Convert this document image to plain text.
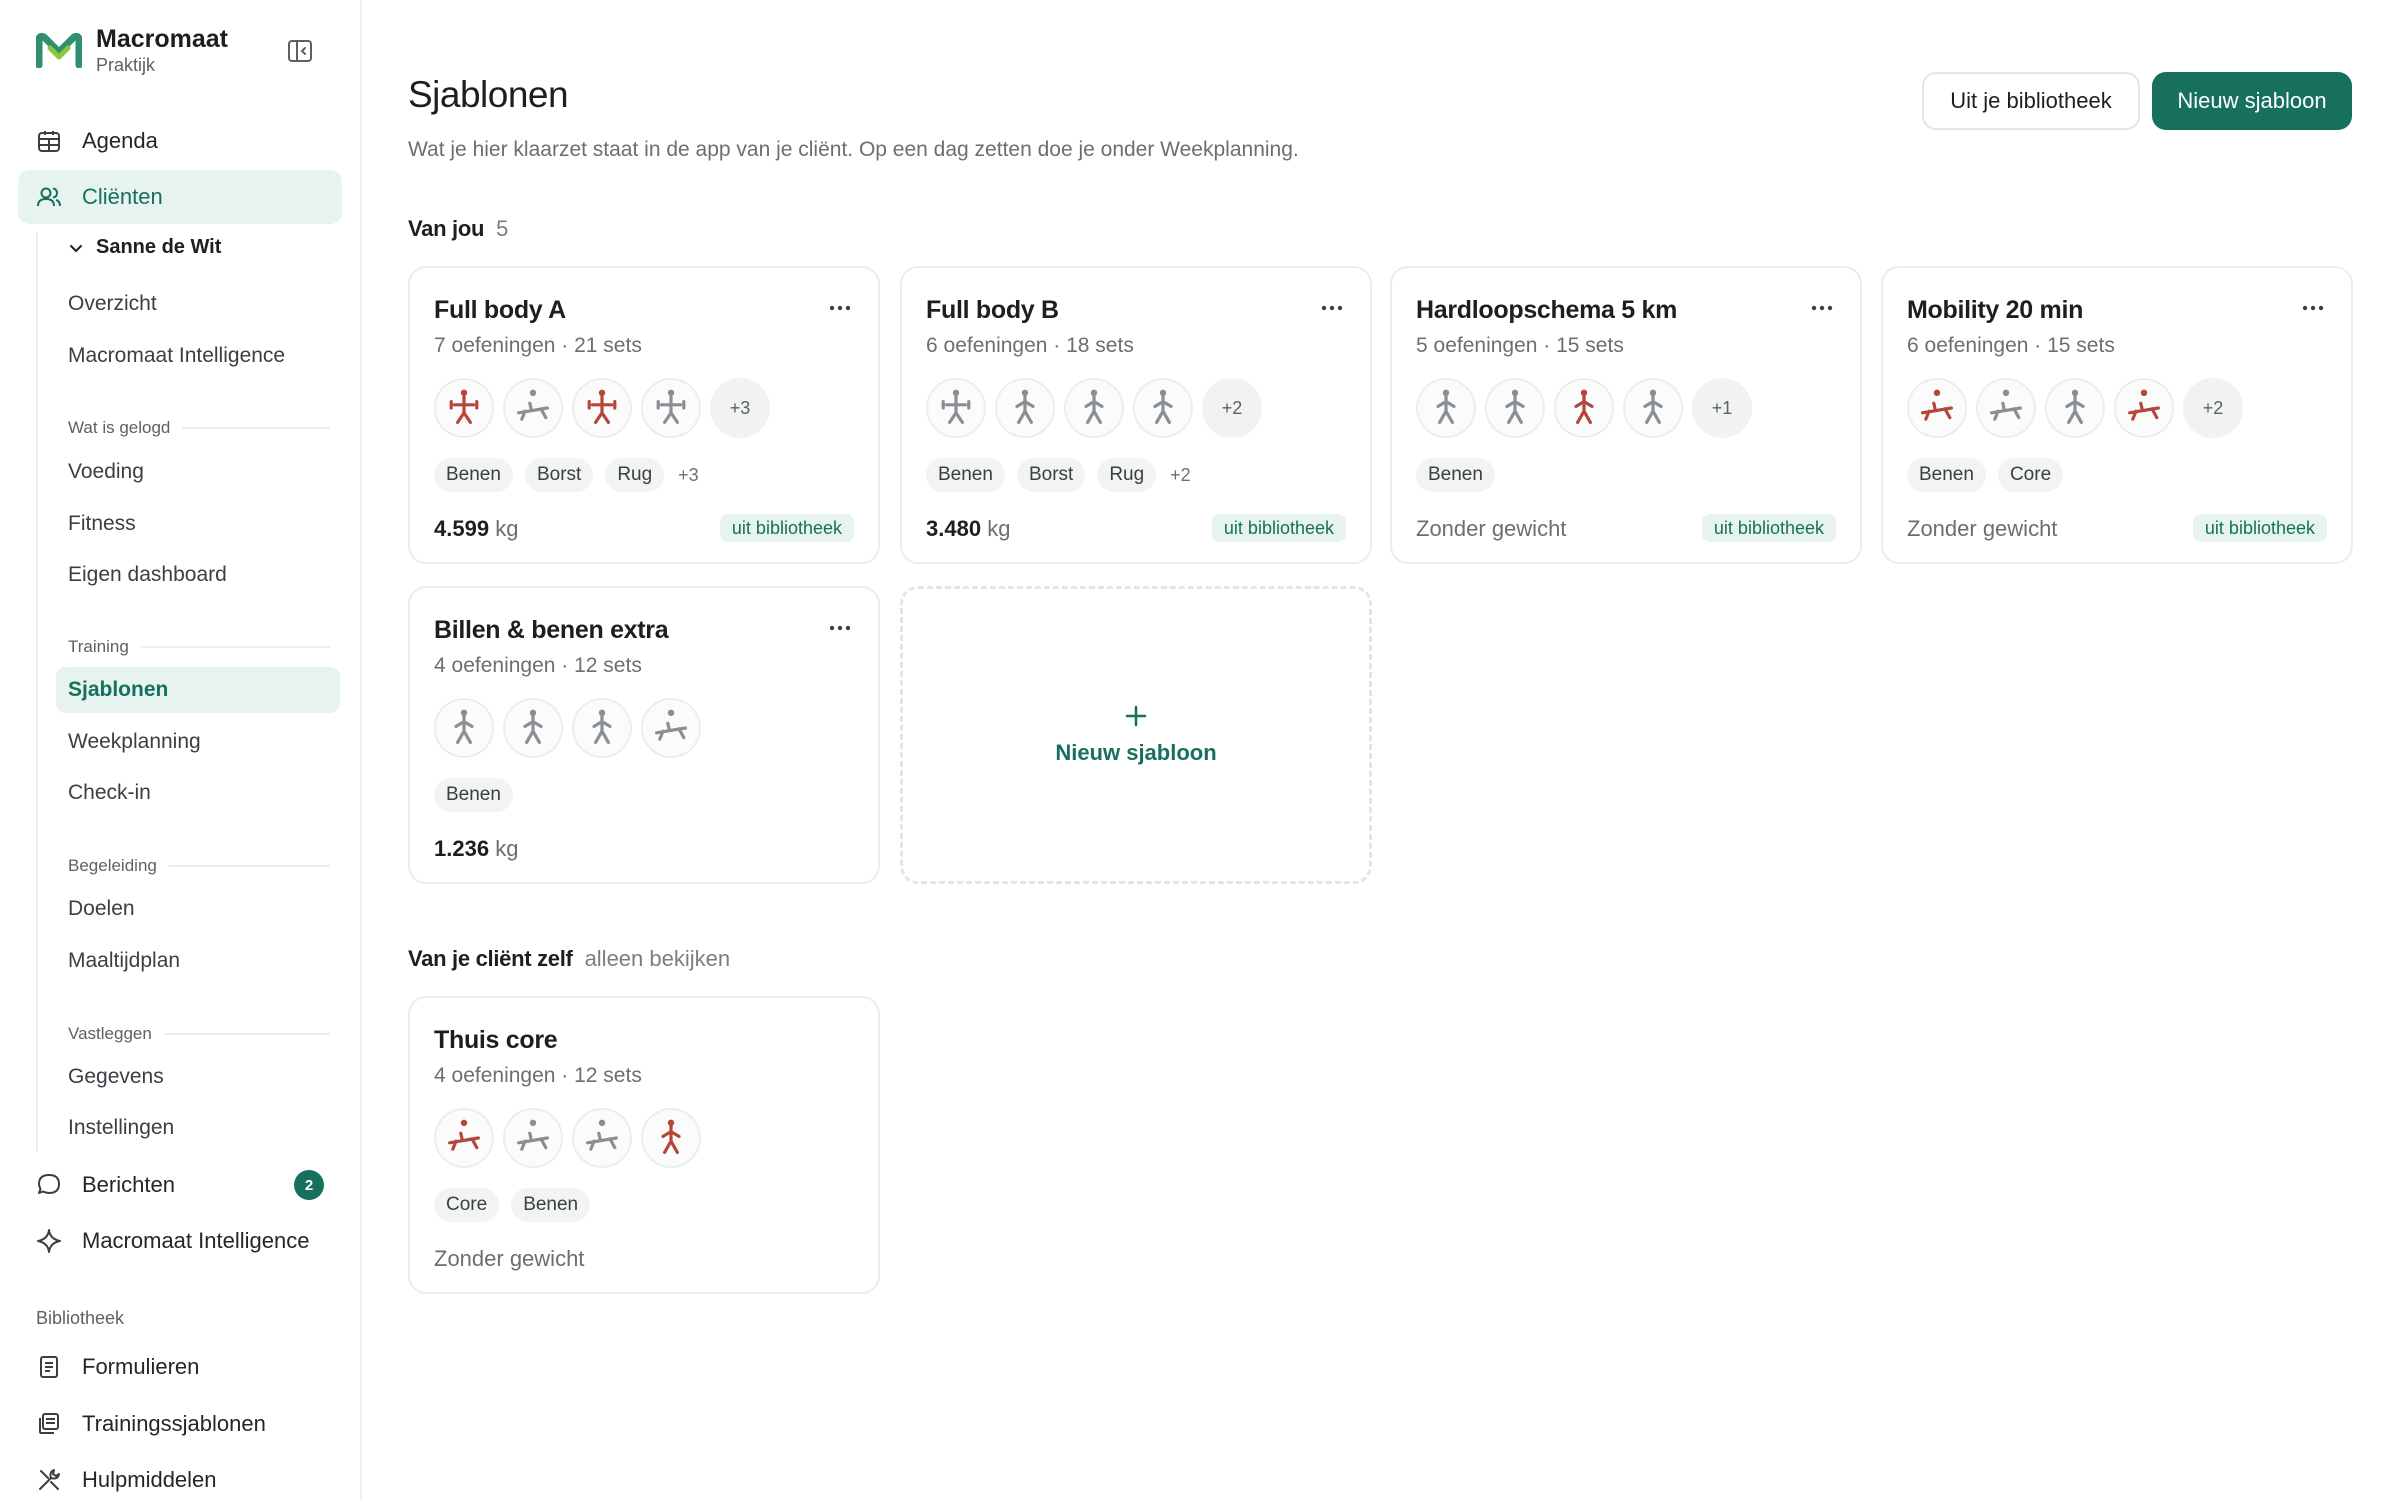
Macromaat
Praktijk
Agenda
Cliënten
Sanne de Wit
Overzicht
Macromaat Intelligence
Wat is gelogd
Voeding
Fitness
Eigen dashboard
Training
Sjablonen
Weekplanning
Check-in
Begeleiding
Doelen
Maaltijdplan
Vastleggen
Gegevens
Instellingen
Berichten	2
Macromaat Intelligence
Bibliotheek
Formulieren
Trainingssjablonen
Hulpmiddelen
Sjablonen

Wat je hier klaarzet staat in de app van je cliënt. Op een dag zetten doe je onder Weekplanning.

Uit je bibliotheek	Nieuw sjabloon
Van jou 5
Full body A
7 oefeningen · 21 sets
+3
Benen	Borst	Rug	+3
4.599 kg	uit bibliotheek
Full body B
6 oefeningen · 18 sets
+2
Benen	Borst	Rug	+2
3.480 kg	uit bibliotheek
Hardloopschema 5 km
5 oefeningen · 15 sets
+1
Benen
Zonder gewicht	uit bibliotheek
Mobility 20 min
6 oefeningen · 15 sets
+2
Benen	Core
Zonder gewicht	uit bibliotheek
Billen & benen extra
4 oefeningen · 12 sets
Benen
1.236 kg
Thuis core
4 oefeningen · 12 sets
Core	Benen
Zonder gewicht
Nieuw sjabloon
Van je cliënt zelf alleen bekijken
